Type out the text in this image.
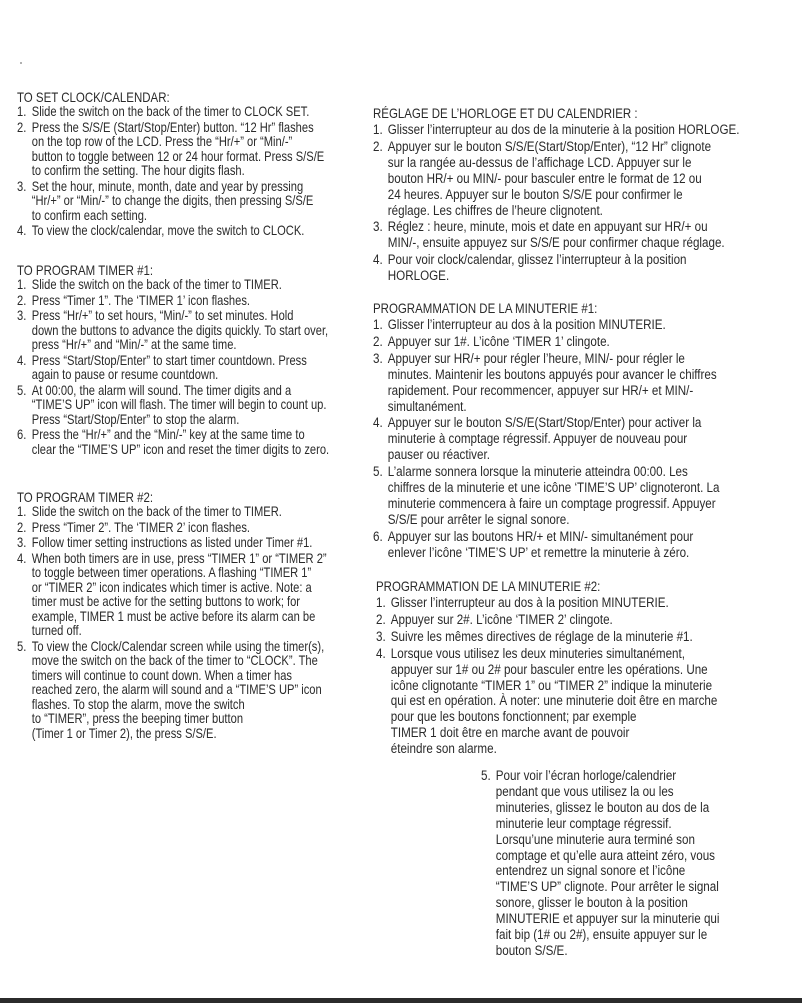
TO SET CLOCK/CALENDAR:
1. Slide the switch on the back of the timer to CLOCK SET.
2. Press the S/S/E (Start/Stop/Enter) button. “12 Hr” flashes
on the top row of the LCD. Press the “Hr/+” or “Min/-”
button to toggle between 12 or 24 hour format. Press S/S/E
to confirm the setting. The hour digits flash.
3. Set the hour, minute, month, date and year by pressing
“Hr/+” or “Min/-” to change the digits, then pressing S/S/E
to confirm each setting.
4. To view the clock/calendar, move the switch to CLOCK.
TO PROGRAM TIMER #1:
1. Slide the switch on the back of the timer to TIMER.
2. Press “Timer 1”. The ‘TIMER 1’ icon flashes.
3. Press “Hr/+” to set hours, “Min/-” to set minutes. Hold
down the buttons to advance the digits quickly. To start over,
press “Hr/+” and “Min/-” at the same time.
4. Press “Start/Stop/Enter” to start timer countdown. Press
again to pause or resume countdown.
5. At 00:00, the alarm will sound. The timer digits and a
“TIME’S UP” icon will flash. The timer will begin to count up.
Press “Start/Stop/Enter” to stop the alarm.
6. Press the “Hr/+” and the “Min/-” key at the same time to
clear the “TIME’S UP” icon and reset the timer digits to zero.
TO PROGRAM TIMER #2:
1. Slide the switch on the back of the timer to TIMER.
2. Press “Timer 2”. The ‘TIMER 2’ icon flashes.
3. Follow timer setting instructions as listed under Timer #1.
4. When both timers are in use, press “TIMER 1” or “TIMER 2”
to toggle between timer operations. A flashing “TIMER 1”
or “TIMER 2” icon indicates which timer is active. Note: a
timer must be active for the setting buttons to work; for
example, TIMER 1 must be active before its alarm can be
turned off.
5. To view the Clock/Calendar screen while using the timer(s),
move the switch on the back of the timer to “CLOCK”. The
timers will continue to count down. When a timer has
reached zero, the alarm will sound and a “TIME’S UP” icon
flashes. To stop the alarm, move the switch
to “TIMER”, press the beeping timer button
(Timer 1 or Timer 2), the press S/S/E.
RÉGLAGE DE L’HORLOGE ET DU CALENDRIER :
1. Glisser l’interrupteur au dos de la minuterie à la position HORLOGE.
2. Appuyer sur le bouton S/S/E(Start/Stop/Enter), “12 Hr” clignote
sur la rangée au-dessus de l’affichage LCD. Appuyer sur le
bouton HR/+ ou MIN/- pour basculer entre le format de 12 ou
24 heures. Appuyer sur le bouton S/S/E pour confirmer le
réglage. Les chiffres de l’heure clignotent.
3. Réglez : heure, minute, mois et date en appuyant sur HR/+ ou
MIN/-, ensuite appuyez sur S/S/E pour confirmer chaque réglage.
4. Pour voir clock/calendar, glissez l’interrupteur à la position
HORLOGE.
PROGRAMMATION DE LA MINUTERIE #1:
1. Glisser l’interrupteur au dos à la position MINUTERIE.
2. Appuyer sur 1#. L’icône ‘TIMER 1’ clingote.
3. Appuyer sur HR/+ pour régler l’heure, MIN/- pour régler le
minutes. Maintenir les boutons appuyés pour avancer le chiffres
rapidement. Pour recommencer, appuyer sur HR/+ et MIN/-
simultanément.
4. Appuyer sur le bouton S/S/E(Start/Stop/Enter) pour activer la
minuterie à comptage régressif. Appuyer de nouveau pour
pauser ou réactiver.
5. L’alarme sonnera lorsque la minuterie atteindra 00:00. Les
chiffres de la minuterie et une icône ‘TIME’S UP’ clignoteront. La
minuterie commencera à faire un comptage progressif. Appuyer
S/S/E pour arrêter le signal sonore.
6. Appuyer sur las boutons HR/+ et MIN/- simultanément pour
enlever l’icône ‘TIME’S UP’ et remettre la minuterie à zéro.
PROGRAMMATION DE LA MINUTERIE #2:
1. Glisser l’interrupteur au dos à la position MINUTERIE.
2. Appuyer sur 2#. L’icône ‘TIMER 2’ clingote.
3. Suivre les mêmes directives de réglage de la minuterie #1.
4. Lorsque vous utilisez les deux minuteries simultanément,
appuyer sur 1# ou 2# pour basculer entre les opérations. Une
icône clignotante “TIMER 1” ou “TIMER 2” indique la minuterie
qui est en opération. À noter: une minuterie doit être en marche
pour que les boutons fonctionnent; par exemple
TIMER 1 doit être en marche avant de pouvoir
éteindre son alarme.
5. Pour voir l’écran horloge/calendrier
pendant que vous utilisez la ou les
minuteries, glissez le bouton au dos de la
minuterie leur comptage régressif.
Lorsqu’une minuterie aura terminé son
comptage et qu’elle aura atteint zéro, vous
entendrez un signal sonore et l’icône
“TIME’S UP” clignote. Pour arrêter le signal
sonore, glisser le bouton à la position
MINUTERIE et appuyer sur la minuterie qui
fait bip (1# ou 2#), ensuite appuyer sur le
bouton S/S/E.
